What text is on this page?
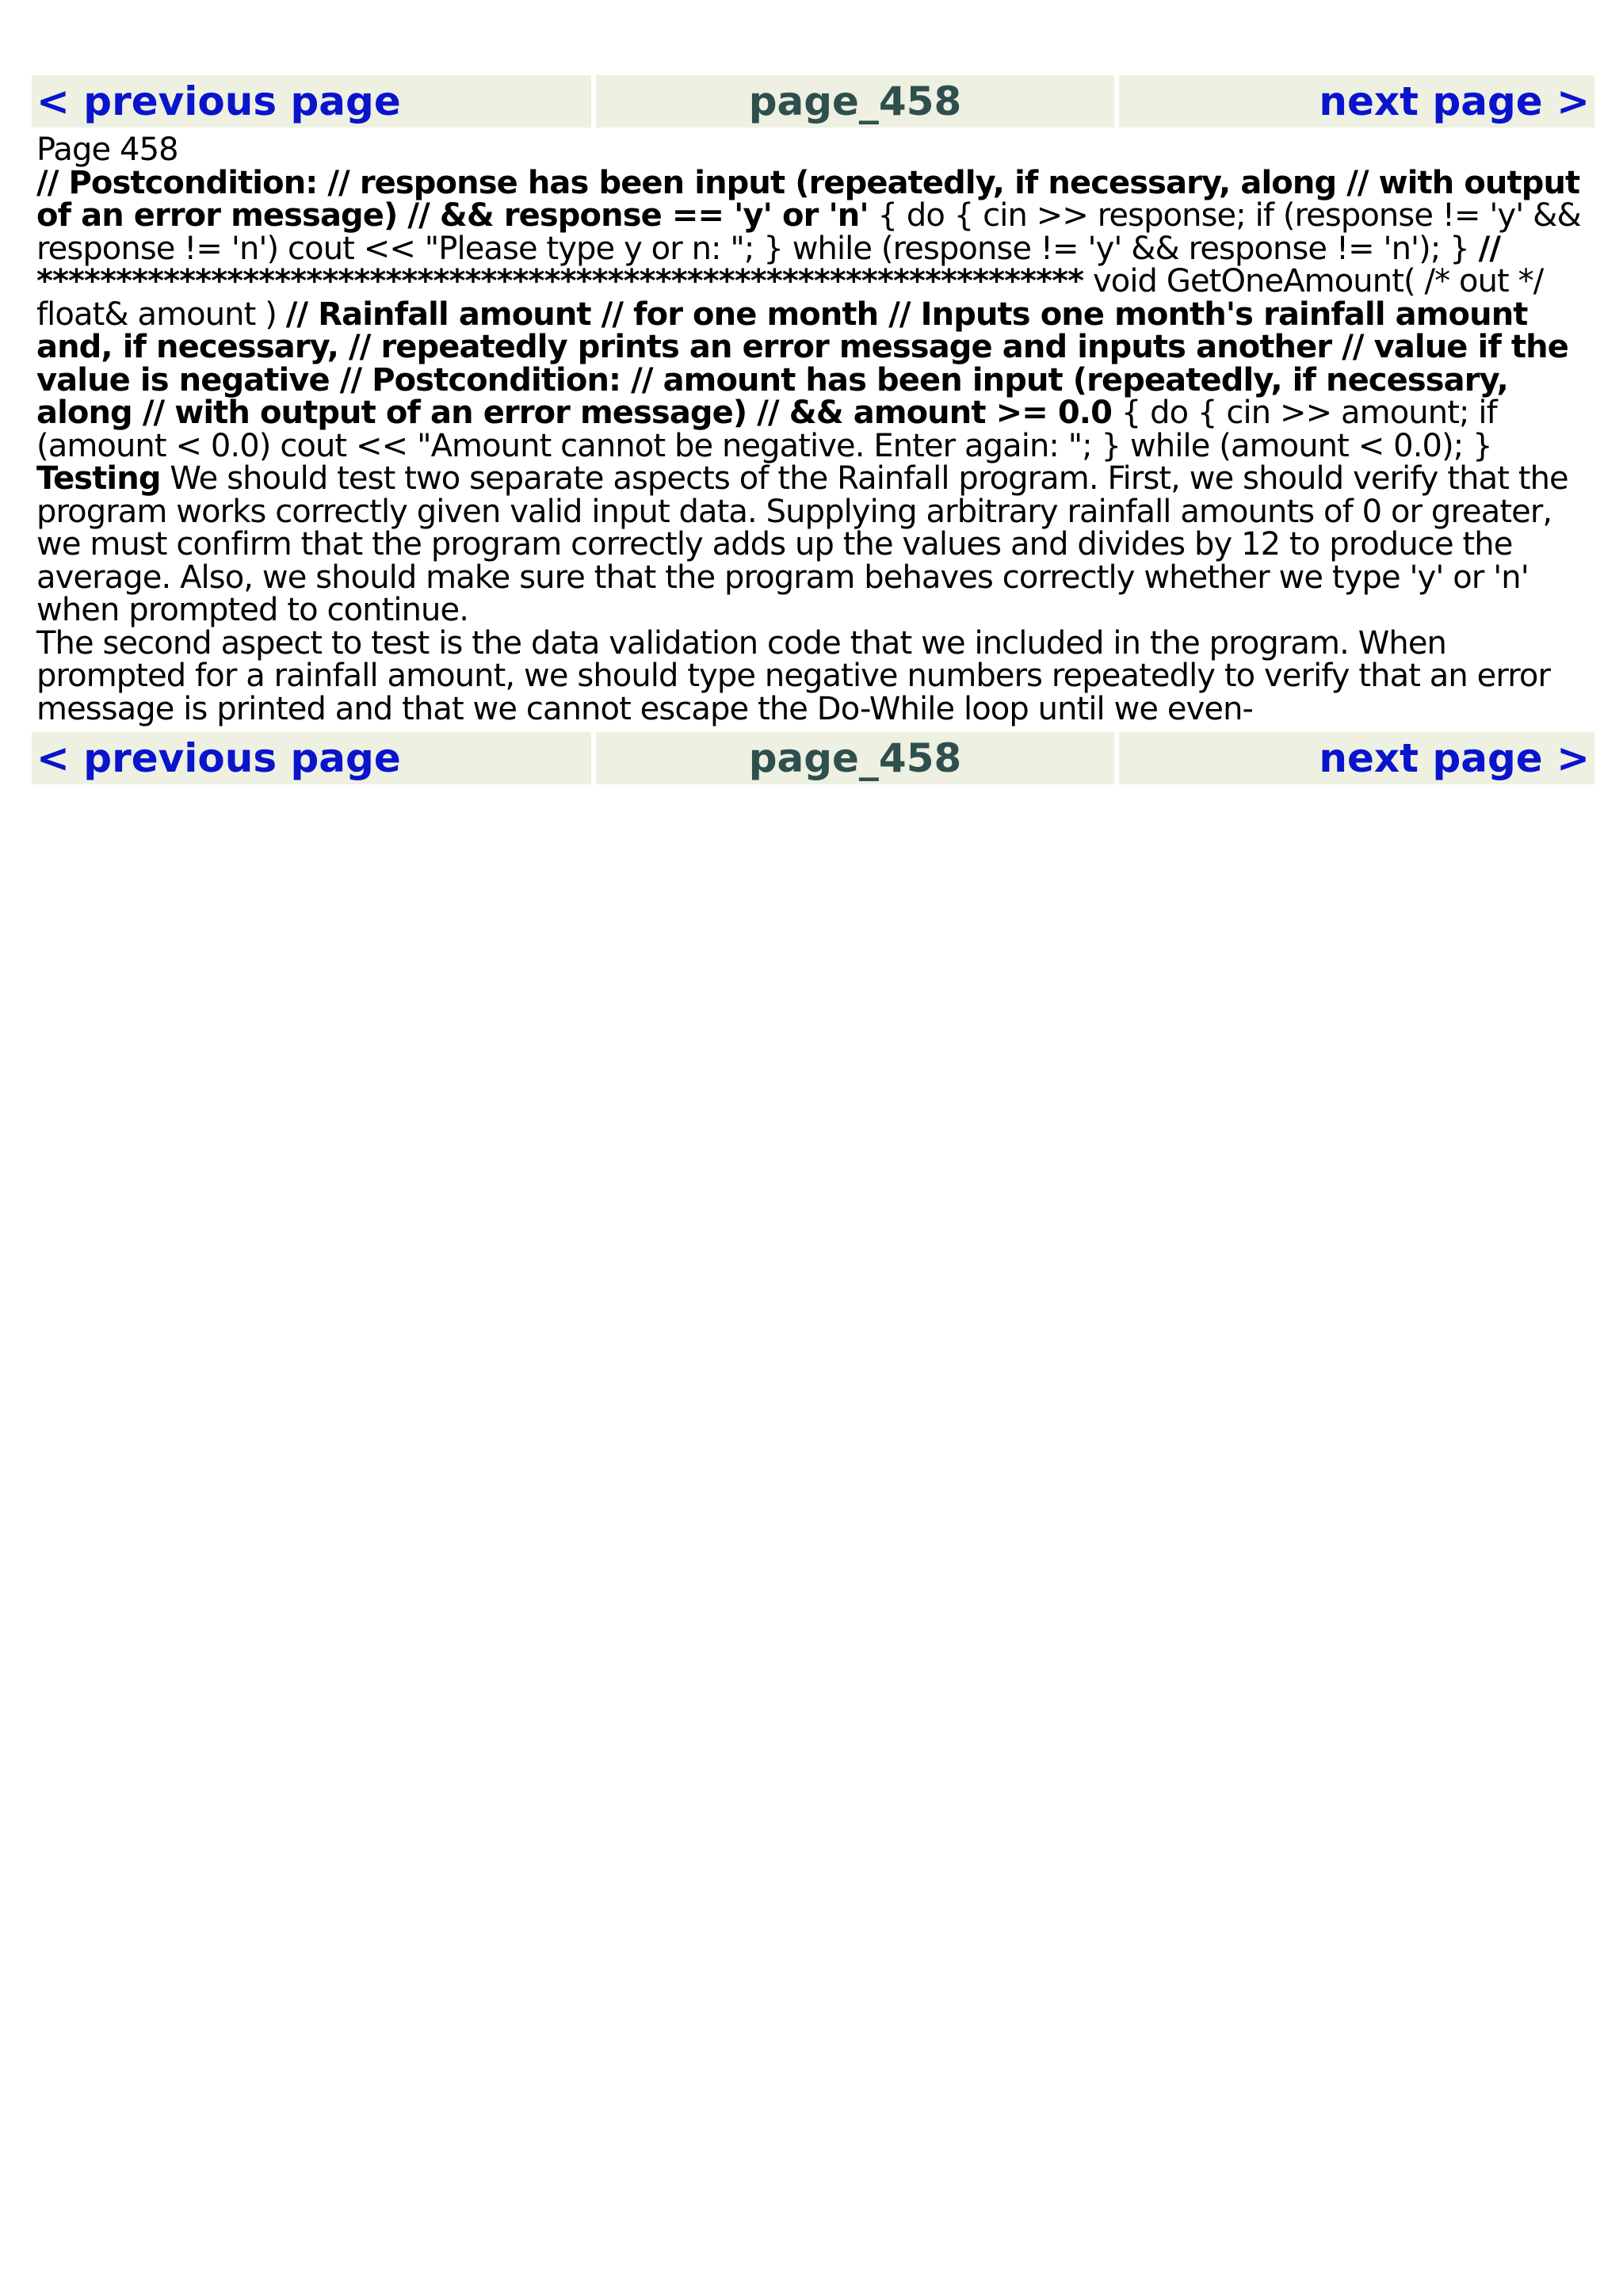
< previous page	page_458	next page >

Page 458

// Postcondition: // response has been input (repeatedly, if necessary, along // with output of an error message) // && response == 'y' or 'n' { do { cin >> response; if (response != 'y' && response != 'n') cout << "Please type y or n: "; } while (response != 'y' && response != 'n'); } // ****************************************************************** void GetOneAmount( /* out */ float& amount ) // Rainfall amount // for one month // Inputs one month's rainfall amount and, if necessary, // repeatedly prints an error message and inputs another // value if the value is negative // Postcondition: // amount has been input (repeatedly, if necessary, along // with output of an error message) // && amount >= 0.0 { do { cin >> amount; if (amount < 0.0) cout << "Amount cannot be negative. Enter again: "; } while (amount < 0.0); }

Testing We should test two separate aspects of the Rainfall program. First, we should verify that the program works correctly given valid input data. Supplying arbitrary rainfall amounts of 0 or greater, we must confirm that the program correctly adds up the values and divides by 12 to produce the average. Also, we should make sure that the program behaves correctly whether we type 'y' or 'n' when prompted to continue.

The second aspect to test is the data validation code that we included in the program. When prompted for a rainfall amount, we should type negative numbers repeatedly to verify that an error message is printed and that we cannot escape the Do-While loop until we even-

< previous page	page_458	next page >
